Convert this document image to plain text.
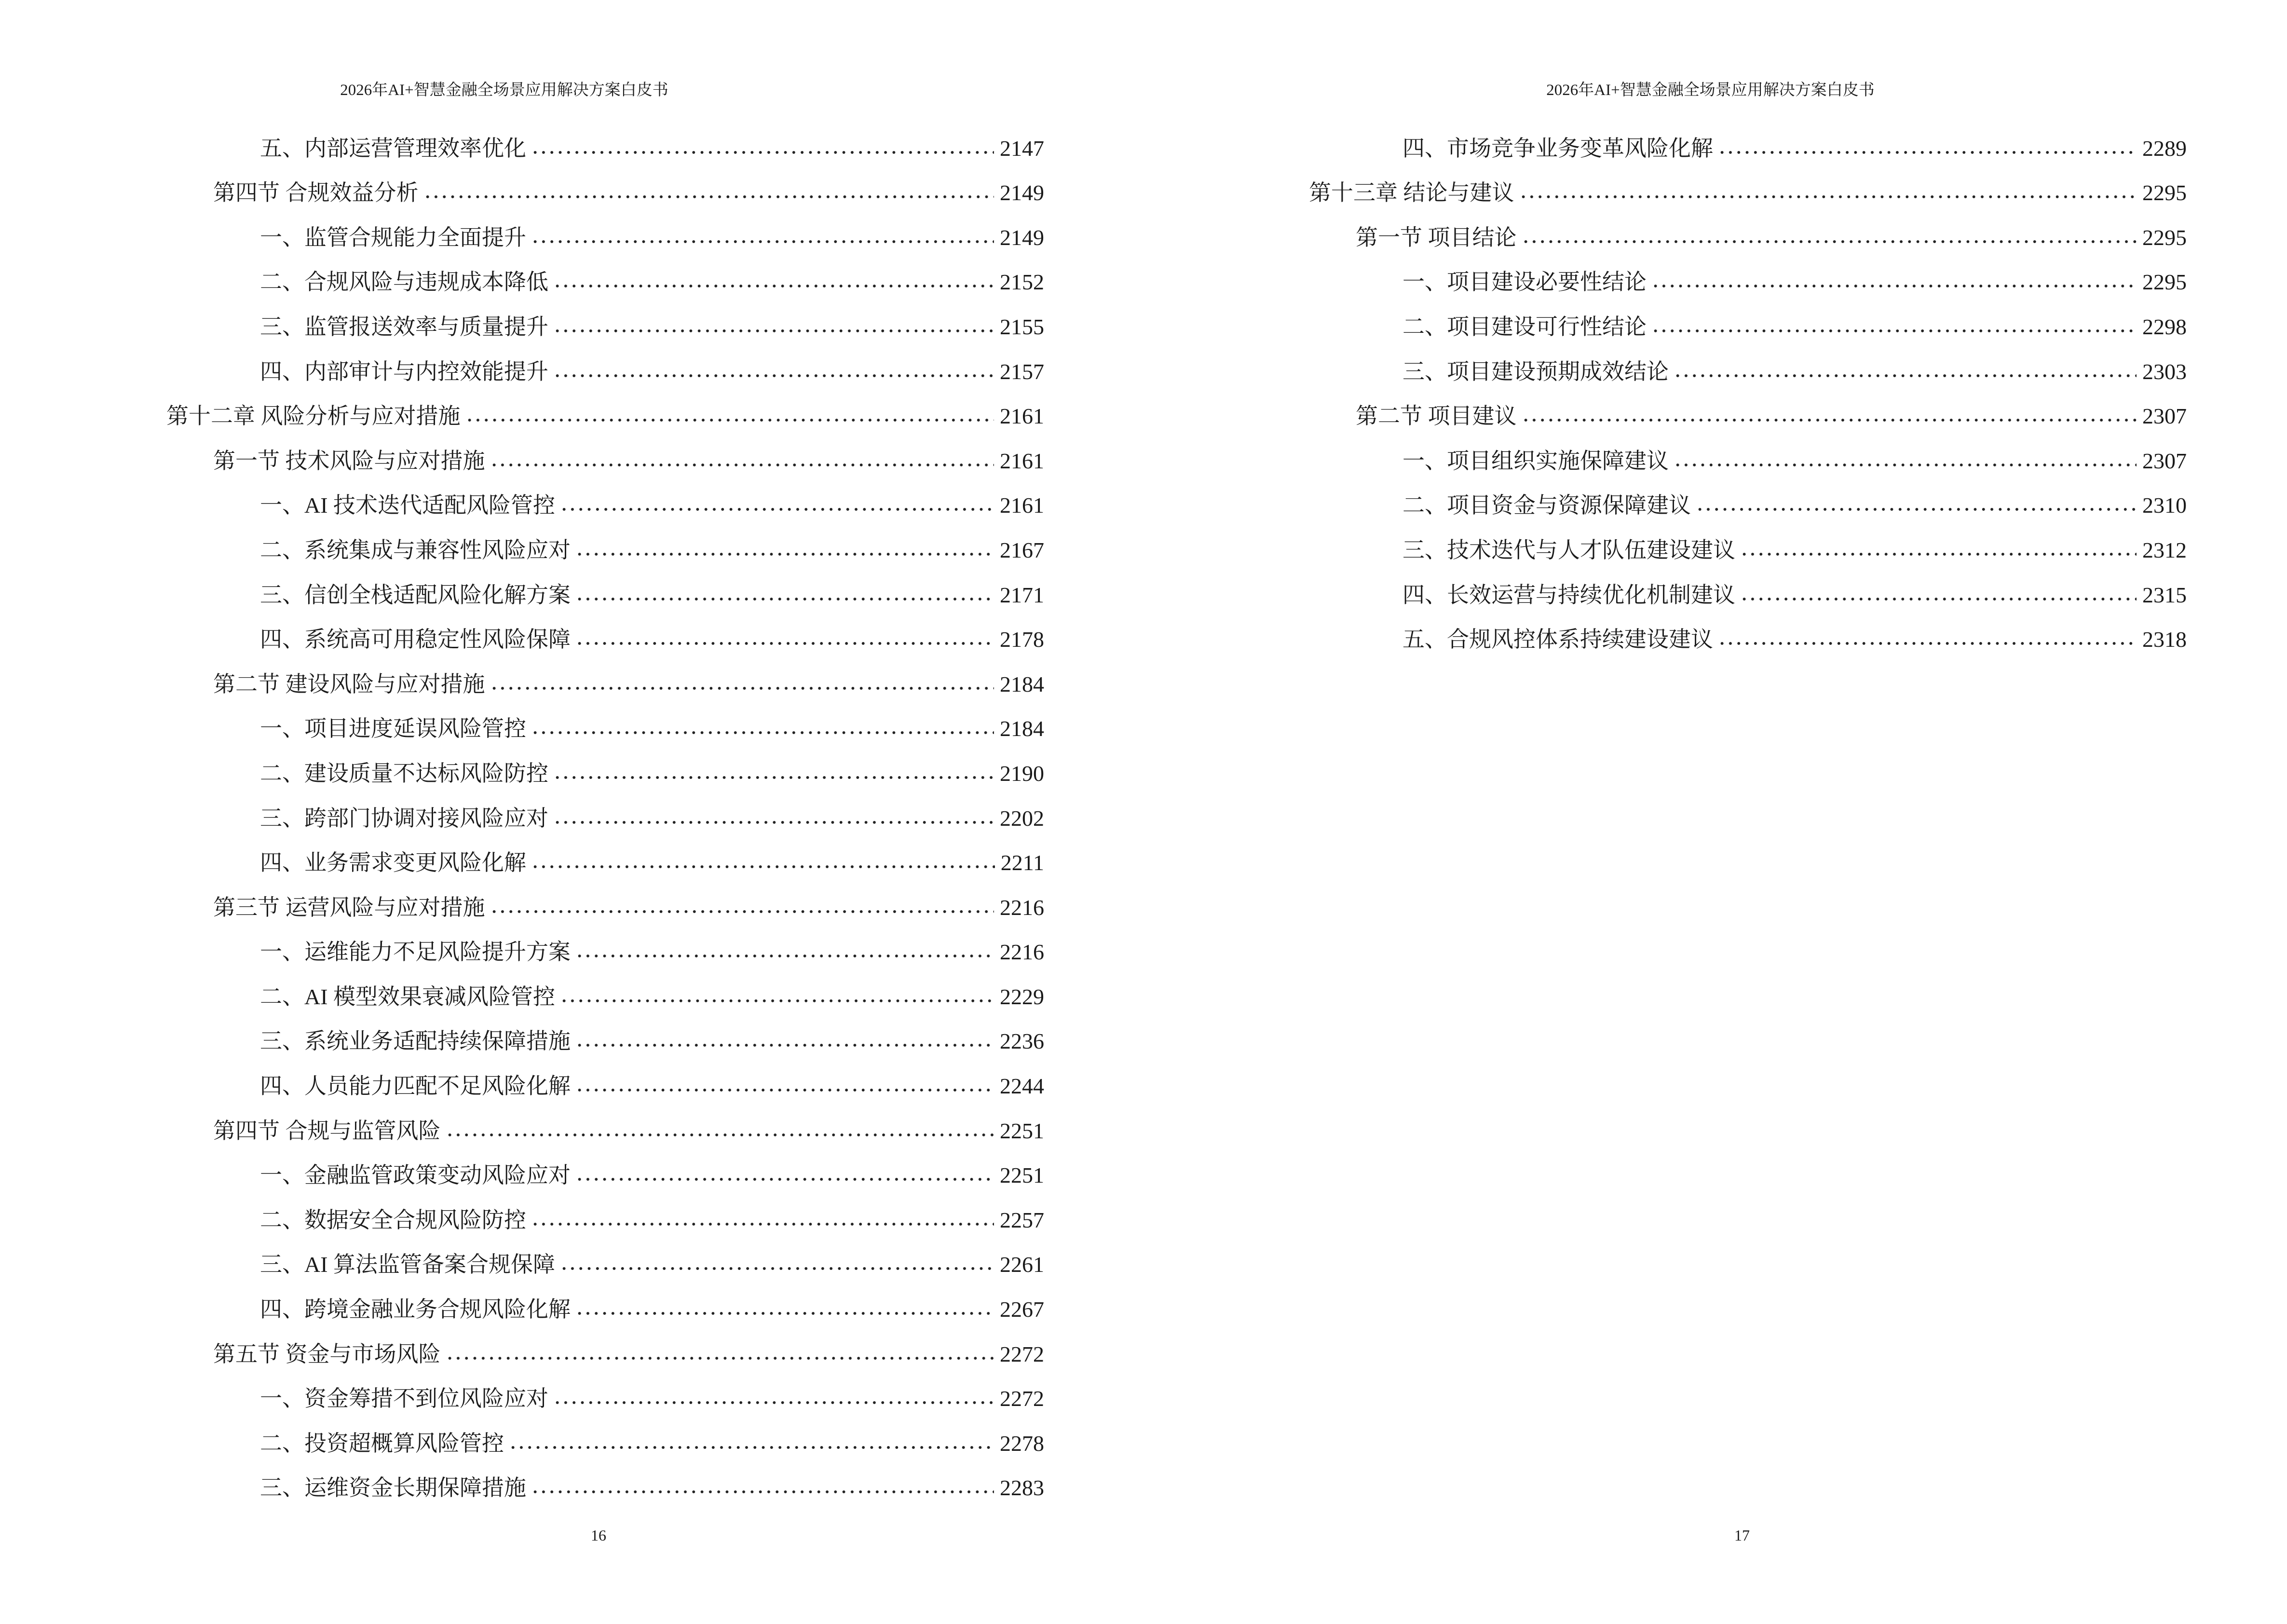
2026年AI+智慧金融全场景应用解决方案白皮书
五、内部运营管理效率优化	2147
第四节 合规效益分析	2149
一、监管合规能力全面提升	2149
二、合规风险与违规成本降低	2152
三、监管报送效率与质量提升	2155
四、内部审计与内控效能提升	2157
第十二章 风险分析与应对措施	2161
第一节 技术风险与应对措施	2161
一、AI 技术迭代适配风险管控	2161
二、系统集成与兼容性风险应对	2167
三、信创全栈适配风险化解方案	2171
四、系统高可用稳定性风险保障	2178
第二节 建设风险与应对措施	2184
一、项目进度延误风险管控	2184
二、建设质量不达标风险防控	2190
三、跨部门协调对接风险应对	2202
四、业务需求变更风险化解	2211
第三节 运营风险与应对措施	2216
一、运维能力不足风险提升方案	2216
二、AI 模型效果衰减风险管控	2229
三、系统业务适配持续保障措施	2236
四、人员能力匹配不足风险化解	2244
第四节 合规与监管风险	2251
一、金融监管政策变动风险应对	2251
二、数据安全合规风险防控	2257
三、AI 算法监管备案合规保障	2261
四、跨境金融业务合规风险化解	2267
第五节 资金与市场风险	2272
一、资金筹措不到位风险应对	2272
二、投资超概算风险管控	2278
三、运维资金长期保障措施	2283
16
2026年AI+智慧金融全场景应用解决方案白皮书
四、市场竞争业务变革风险化解	2289
第十三章 结论与建议	2295
第一节 项目结论	2295
一、项目建设必要性结论	2295
二、项目建设可行性结论	2298
三、项目建设预期成效结论	2303
第二节 项目建议	2307
一、项目组织实施保障建议	2307
二、项目资金与资源保障建议	2310
三、技术迭代与人才队伍建设建议	2312
四、长效运营与持续优化机制建议	2315
五、合规风控体系持续建设建议	2318
17
